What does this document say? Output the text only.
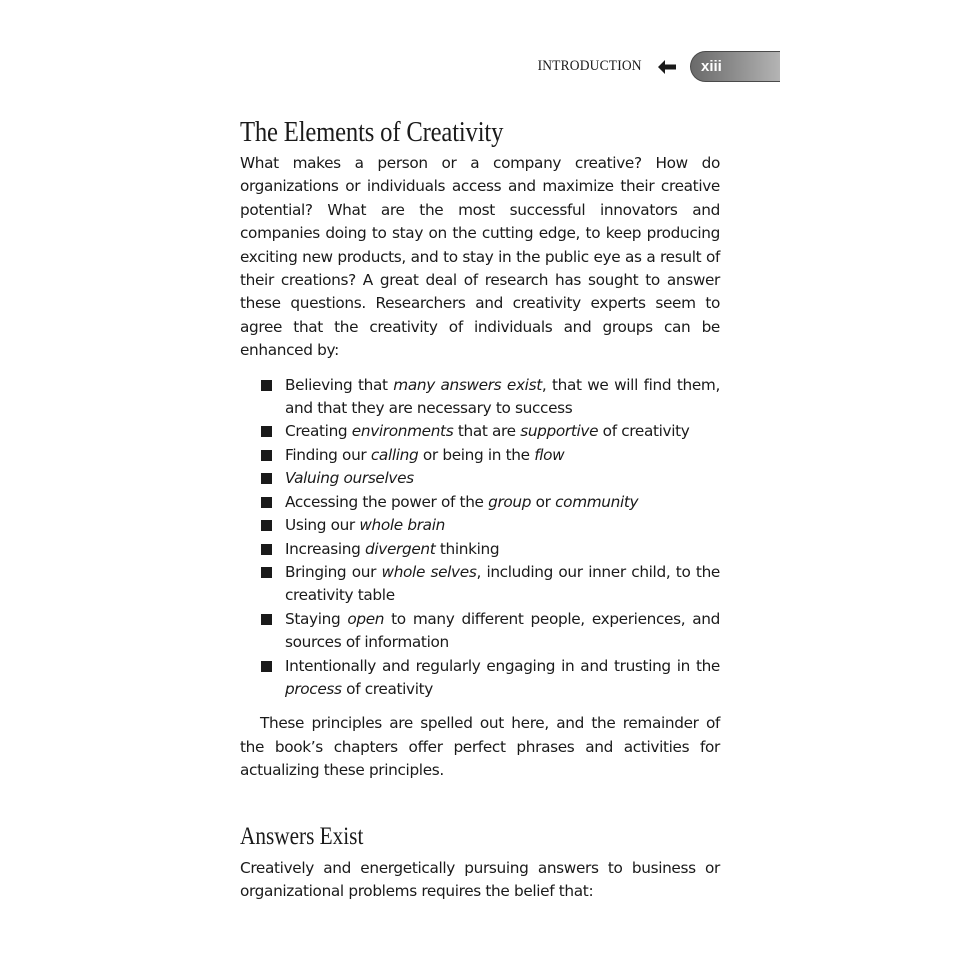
INTRODUCTION	xiii
The Elements of Creativity

What makes a person or a company creative? How do organizations or individuals access and maximize their creative potential? What are the most successful innovators and companies doing to stay on the cutting edge, to keep producing exciting new products, and to stay in the public eye as a result of their creations? A great deal of research has sought to answer these questions. Researchers and creativity experts seem to agree that the creativity of individuals and groups can be enhanced by:

Believing that many answers exist, that we will find them, and that they are necessary to success
Creating environments that are supportive of creativity
Finding our calling or being in the flow
Valuing ourselves
Accessing the power of the group or community
Using our whole brain
Increasing divergent thinking
Bringing our whole selves, including our inner child, to the creativity table
Staying open to many different people, experiences, and sources of information
Intentionally and regularly engaging in and trusting in the process of creativity

These principles are spelled out here, and the remainder of the book’s chapters offer perfect phrases and activities for actualizing these principles.

Answers Exist

Creatively and energetically pursuing answers to business or organizational problems requires the belief that:
